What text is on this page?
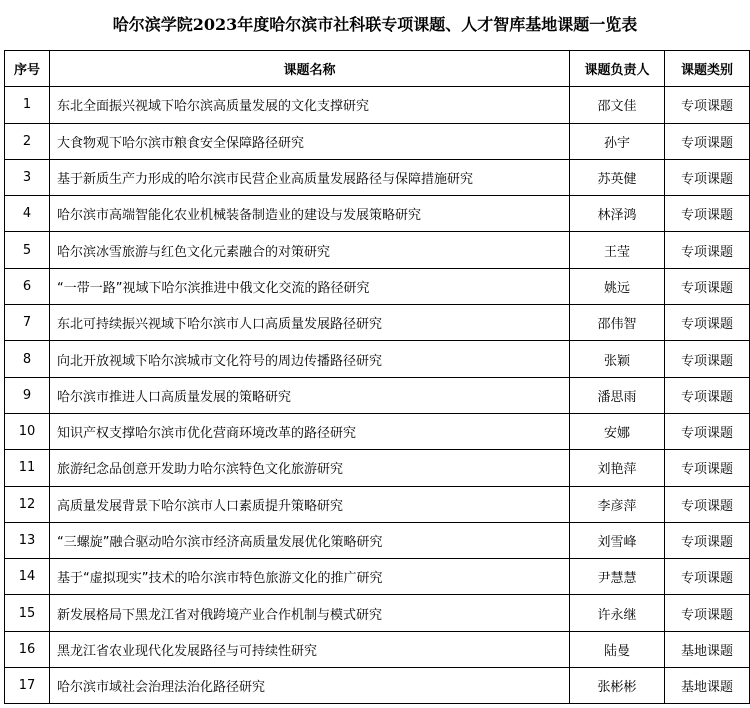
哈尔滨学院2023年度哈尔滨市社科联专项课题、人才智库基地课题一览表
序号	课题名称	课题负责人	课题类别
1	东北全面振兴视域下哈尔滨高质量发展的文化支撑研究	邵文佳	专项课题
2	大食物观下哈尔滨市粮食安全保障路径研究	孙宇	专项课题
3	基于新质生产力形成的哈尔滨市民营企业高质量发展路径与保障措施研究	苏英健	专项课题
4	哈尔滨市高端智能化农业机械装备制造业的建设与发展策略研究	林泽鸿	专项课题
5	哈尔滨冰雪旅游与红色文化元素融合的对策研究	王莹	专项课题
6	“一带一路”视域下哈尔滨推进中俄文化交流的路径研究	姚远	专项课题
7	东北可持续振兴视域下哈尔滨市人口高质量发展路径研究	邵伟智	专项课题
8	向北开放视域下哈尔滨城市文化符号的周边传播路径研究	张颖	专项课题
9	哈尔滨市推进人口高质量发展的策略研究	潘思雨	专项课题
10	知识产权支撑哈尔滨市优化营商环境改革的路径研究	安娜	专项课题
11	旅游纪念品创意开发助力哈尔滨特色文化旅游研究	刘艳萍	专项课题
12	高质量发展背景下哈尔滨市人口素质提升策略研究	李彦萍	专项课题
13	“三螺旋”融合驱动哈尔滨市经济高质量发展优化策略研究	刘雪峰	专项课题
14	基于“虚拟现实”技术的哈尔滨市特色旅游文化的推广研究	尹慧慧	专项课题
15	新发展格局下黑龙江省对俄跨境产业合作机制与模式研究	许永继	专项课题
16	黑龙江省农业现代化发展路径与可持续性研究	陆曼	基地课题
17	哈尔滨市域社会治理法治化路径研究	张彬彬	基地课题
